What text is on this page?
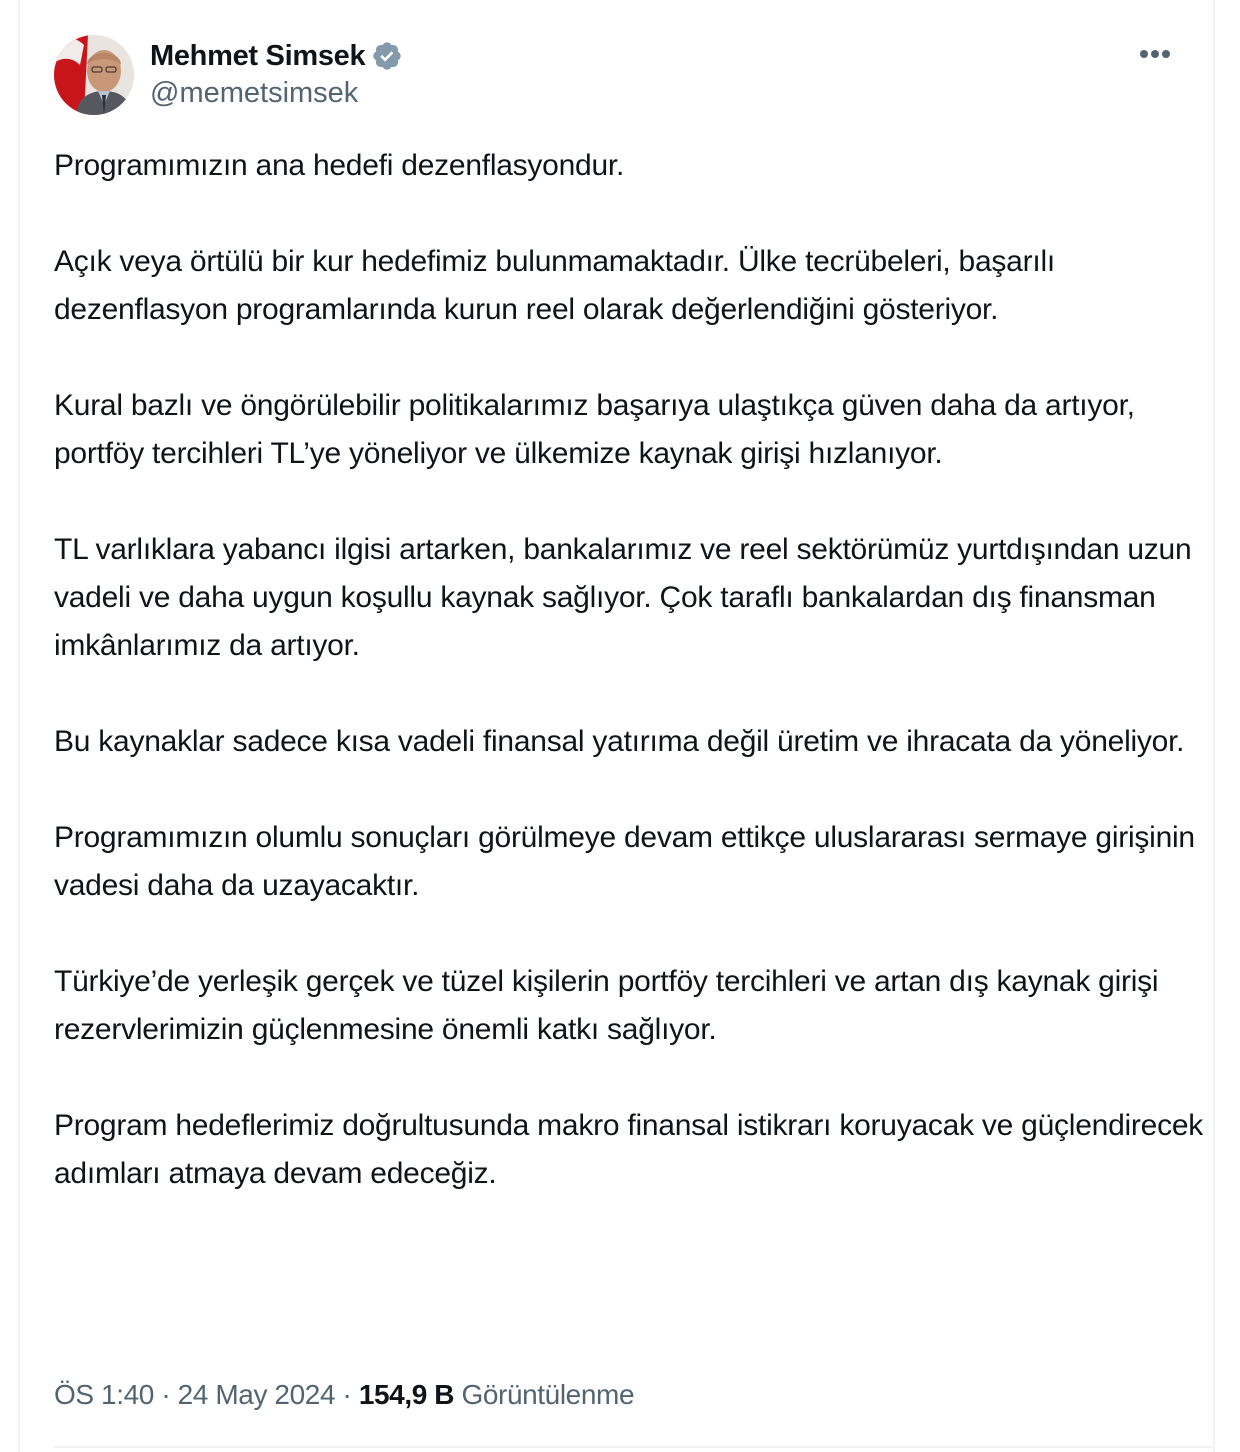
Mehmet Simsek
@memetsimsek

Programımızın ana hedefi dezenflasyondur.

Açık veya örtülü bir kur hedefimiz bulunmamaktadır. Ülke tecrübeleri, başarılı dezenflasyon programlarında kurun reel olarak değerlendiğini gösteriyor.

Kural bazlı ve öngörülebilir politikalarımız başarıya ulaştıkça güven daha da artıyor, portföy tercihleri TL’ye yöneliyor ve ülkemize kaynak girişi hızlanıyor.

TL varlıklara yabancı ilgisi artarken, bankalarımız ve reel sektörümüz yurtdışından uzun vadeli ve daha uygun koşullu kaynak sağlıyor. Çok taraflı bankalardan dış finansman imkânlarımız da artıyor.

Bu kaynaklar sadece kısa vadeli finansal yatırıma değil üretim ve ihracata da yöneliyor.

Programımızın olumlu sonuçları görülmeye devam ettikçe uluslararası sermaye girişinin vadesi daha da uzayacaktır.

Türkiye’de yerleşik gerçek ve tüzel kişilerin portföy tercihleri ve artan dış kaynak girişi rezervlerimizin güçlenmesine önemli katkı sağlıyor.

Program hedeflerimiz doğrultusunda makro finansal istikrarı koruyacak ve güçlendirecek adımları atmaya devam edeceğiz.

ÖS 1:40 · 24 May 2024 · 154,9 B Görüntülenme
